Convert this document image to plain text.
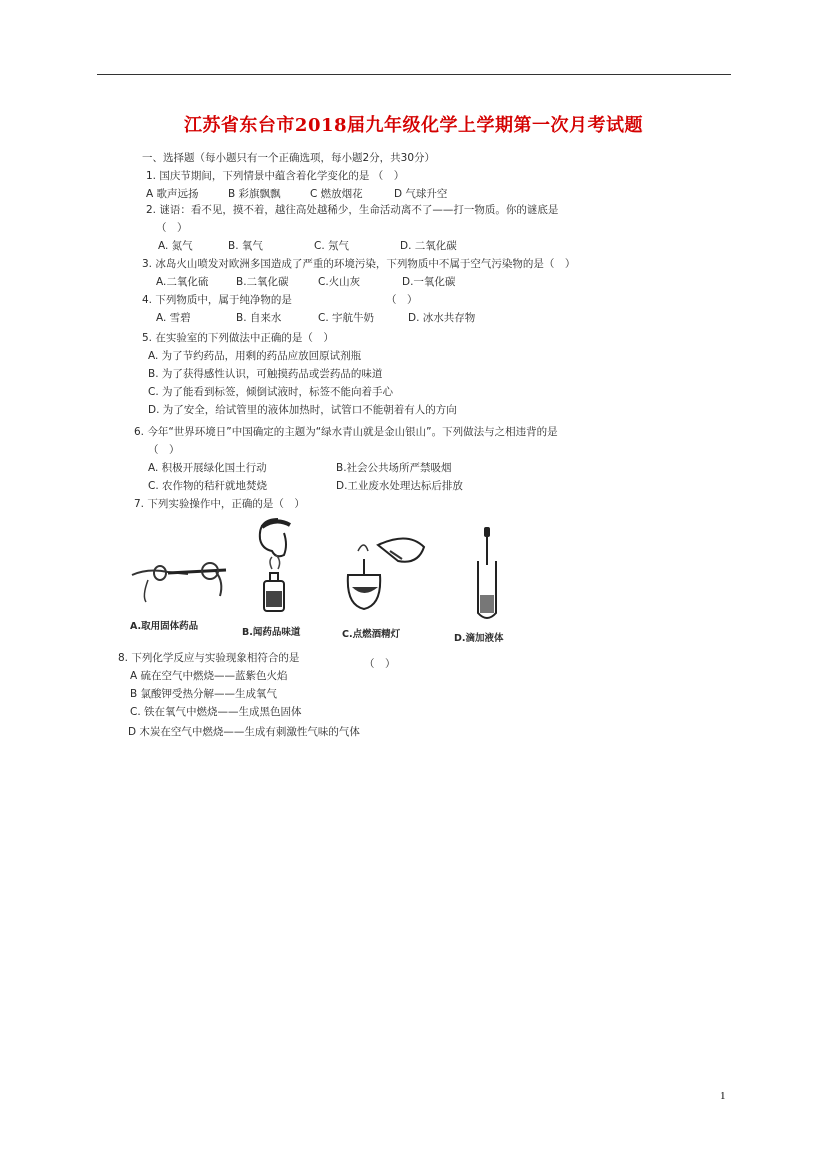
江苏省东台市2018届九年级化学上学期第一次月考试题
一、选择题（每小题只有一个正确选项，每小题2分，共30分）
1. 国庆节期间，下列情景中蕴含着化学变化的是 （　）
A 歌声远扬	B 彩旗飘飘	C 燃放烟花	D 气球升空
2. 谜语：看不见，摸不着，越往高处越稀少，生命活动离不了——打一物质。你的谜底是
（　）
A. 氮气	B. 氧气	C. 氖气	D. 二氧化碳
3. 冰岛火山喷发对欧洲多国造成了严重的环境污染，下列物质中不属于空气污染物的是（　）
A.二氧化硫	B.二氧化碳	C.火山灰	D.一氧化碳
4. 下列物质中，属于纯净物的是	（　）
A. 雪碧	B. 自来水	C. 宇航牛奶	D. 冰水共存物
5. 在实验室的下列做法中正确的是（　）
A. 为了节约药品，用剩的药品应放回原试剂瓶
B. 为了获得感性认识，可触摸药品或尝药品的味道
C. 为了能看到标签，倾倒试液时，标签不能向着手心
D. 为了安全，给试管里的液体加热时，试管口不能朝着有人的方向
6. 今年“世界环境日”中国确定的主题为“绿水青山就是金山银山”。下列做法与之相违背的是
（　）
A. 积极开展绿化国土行动	B.社会公共场所严禁吸烟
C. 农作物的秸秆就地焚烧	D.工业废水处理达标后排放
7. 下列实验操作中，正确的是（　）
A.取用固体药品
B.闻药品味道	C.点燃酒精灯	D.滴加液体
8. 下列化学反应与实验现象相符合的是	（　）
A 硫在空气中燃烧——蓝紫色火焰
B 氯酸钾受热分解——生成氧气
C. 铁在氧气中燃烧——生成黑色固体
D 木炭在空气中燃烧——生成有刺激性气味的气体
1
